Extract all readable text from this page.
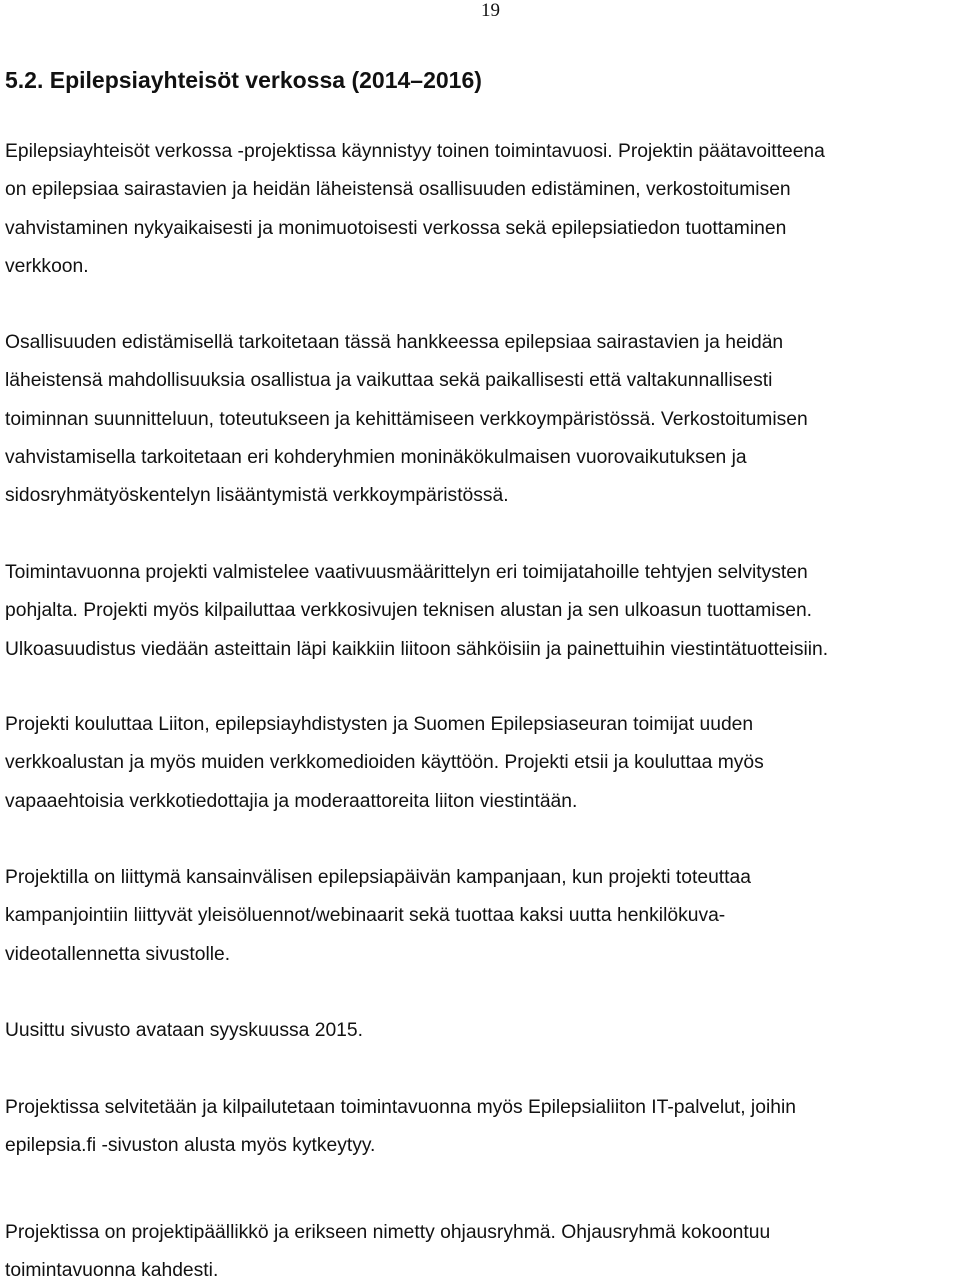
19
5.2. Epilepsiayhteisöt verkossa (2014–2016)

Epilepsiayhteisöt verkossa -projektissa käynnistyy toinen toimintavuosi. Projektin päätavoitteena
on epilepsiaa sairastavien ja heidän läheistensä osallisuuden edistäminen, verkostoitumisen
vahvistaminen nykyaikaisesti ja monimuotoisesti verkossa sekä epilepsiatiedon tuottaminen
verkkoon.

Osallisuuden edistämisellä tarkoitetaan tässä hankkeessa epilepsiaa sairastavien ja heidän
läheistensä mahdollisuuksia osallistua ja vaikuttaa sekä paikallisesti että valtakunnallisesti
toiminnan suunnitteluun, toteutukseen ja kehittämiseen verkkoympäristössä. Verkostoitumisen
vahvistamisella tarkoitetaan eri kohderyhmien moninäkökulmaisen vuorovaikutuksen ja
sidosryhmätyöskentelyn lisääntymistä verkkoympäristössä.

Toimintavuonna projekti valmistelee vaativuusmäärittelyn eri toimijatahoille tehtyjen selvitysten
pohjalta. Projekti myös kilpailuttaa verkkosivujen teknisen alustan ja sen ulkoasun tuottamisen.
Ulkoasuudistus viedään asteittain läpi kaikkiin liitoon sähköisiin ja painettuihin viestintätuotteisiin.

Projekti kouluttaa Liiton, epilepsiayhdistysten ja Suomen Epilepsiaseuran toimijat uuden
verkkoalustan ja myös muiden verkkomedioiden käyttöön. Projekti etsii ja kouluttaa myös
vapaaehtoisia verkkotiedottajia ja moderaattoreita liiton viestintään.

Projektilla on liittymä kansainvälisen epilepsiapäivän kampanjaan, kun projekti toteuttaa
kampanjointiin liittyvät yleisöluennot/webinaarit sekä tuottaa kaksi uutta henkilökuva-
videotallennetta sivustolle.

Uusittu sivusto avataan syyskuussa 2015.

Projektissa selvitetään ja kilpailutetaan toimintavuonna myös Epilepsialiiton IT-palvelut, joihin
epilepsia.fi -sivuston alusta myös kytkeytyy.

Projektissa on projektipäällikkö ja erikseen nimetty ohjausryhmä. Ohjausryhmä kokoontuu
toimintavuonna kahdesti.
